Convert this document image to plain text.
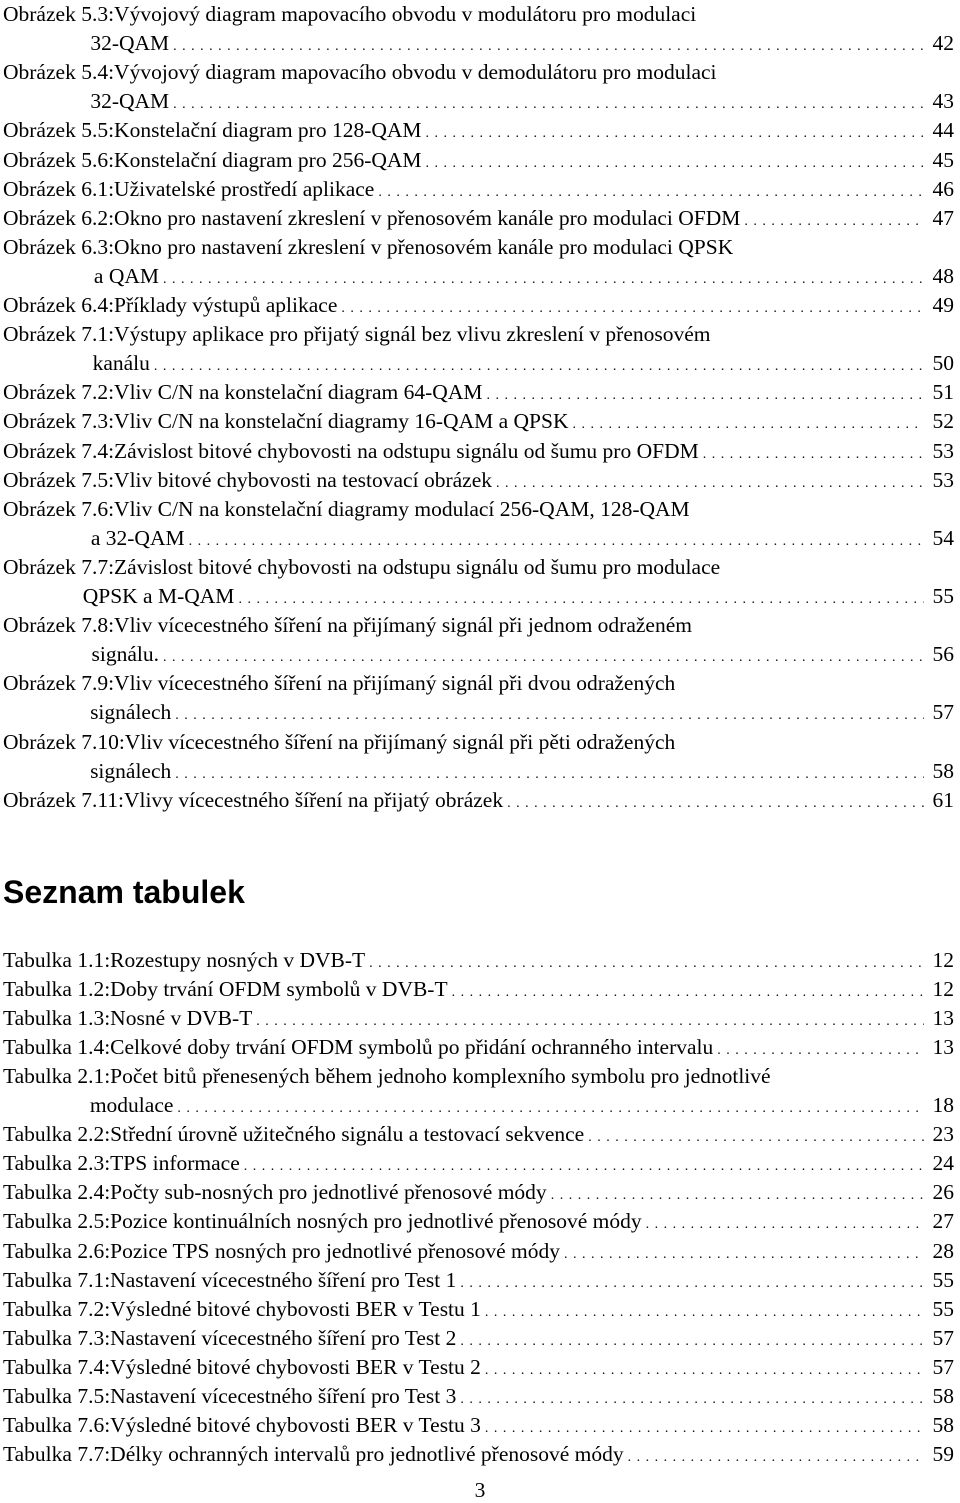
Obrázek 5.3: Vývojový diagram mapovacího obvodu v modulátoru pro modulaci
32-QAM . . .	42
Obrázek 5.4: Vývojový diagram mapovacího obvodu v demodulátoru pro modulaci
32-QAM . . .	43
Obrázek 5.5: Konstelační diagram pro 128-QAM . . .	44
Obrázek 5.6: Konstelační diagram pro 256-QAM . . .	45
Obrázek 6.1: Uživatelské prostředí aplikace . . .	46
Obrázek 6.2: Okno pro nastavení zkreslení v přenosovém kanále pro modulaci OFDM . . .	47
Obrázek 6.3: Okno pro nastavení zkreslení v přenosovém kanále pro modulaci QPSK
a QAM . . .	48
Obrázek 6.4: Příklady výstupů aplikace . . .	49
Obrázek 7.1: Výstupy aplikace pro přijatý signál bez vlivu zkreslení v přenosovém
kanálu . . .	50
Obrázek 7.2: Vliv C/N na konstelační diagram 64-QAM . . .	51
Obrázek 7.3: Vliv C/N na konstelační diagramy 16-QAM a QPSK . . .	52
Obrázek 7.4: Závislost bitové chybovosti na odstupu signálu od šumu pro OFDM . . .	53
Obrázek 7.5: Vliv bitové chybovosti na testovací obrázek . . .	53
Obrázek 7.6: Vliv C/N na konstelační diagramy modulací 256-QAM, 128-QAM
a 32-QAM . . .	54
Obrázek 7.7: Závislost bitové chybovosti na odstupu signálu od šumu pro modulace
QPSK a M-QAM . . .	55
Obrázek 7.8: Vliv vícecestného šíření na přijímaný signál při jednom odraženém
signálu. . . .	56
Obrázek 7.9: Vliv vícecestného šíření na přijímaný signál při dvou odražených
signálech . . .	57
Obrázek 7.10: Vliv vícecestného šíření na přijímaný signál při pěti odražených
signálech . . .	58
Obrázek 7.11: Vlivy vícecestného šíření na přijatý obrázek . . .	61
Seznam tabulek
Tabulka 1.1: Rozestupy nosných v DVB-T . . .	12
Tabulka 1.2: Doby trvání OFDM symbolů v DVB-T . . .	12
Tabulka 1.3: Nosné v DVB-T . . .	13
Tabulka 1.4: Celkové doby trvání OFDM symbolů po přidání ochranného intervalu . . .	13
Tabulka 2.1: Počet bitů přenesených během jednoho komplexního symbolu pro jednotlivé
modulace . . .	18
Tabulka 2.2: Střední úrovně užitečného signálu a testovací sekvence . . .	23
Tabulka 2.3: TPS informace . . .	24
Tabulka 2.4: Počty sub-nosných pro jednotlivé přenosové módy . . .	26
Tabulka 2.5: Pozice kontinuálních nosných pro jednotlivé přenosové módy . . .	27
Tabulka 2.6: Pozice TPS nosných pro jednotlivé přenosové módy . . .	28
Tabulka 7.1: Nastavení vícecestného šíření pro Test 1 . . .	55
Tabulka 7.2: Výsledné bitové chybovosti BER v Testu 1 . . .	55
Tabulka 7.3: Nastavení vícecestného šíření pro Test 2 . . .	57
Tabulka 7.4: Výsledné bitové chybovosti BER v Testu 2 . . .	57
Tabulka 7.5: Nastavení vícecestného šíření pro Test 3 . . .	58
Tabulka 7.6: Výsledné bitové chybovosti BER v Testu 3 . . .	58
Tabulka 7.7: Délky ochranných intervalů pro jednotlivé přenosové módy . . .	59
3
